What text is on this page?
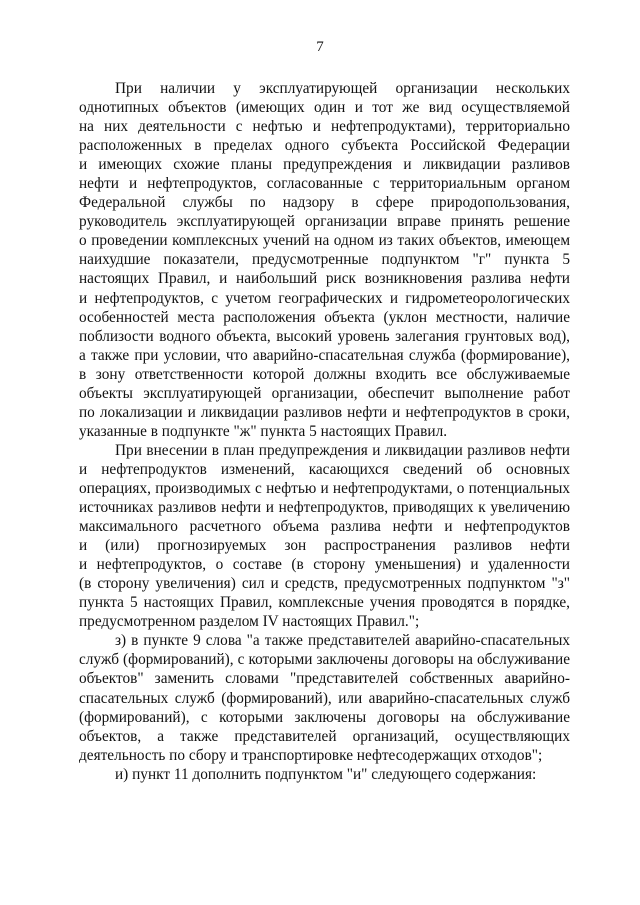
7
При наличии у эксплуатирующей организации нескольких
однотипных объектов (имеющих один и тот же вид осуществляемой
на них деятельности с нефтью и нефтепродуктами), территориально
расположенных в пределах одного субъекта Российской Федерации
и имеющих схожие планы предупреждения и ликвидации разливов
нефти и нефтепродуктов, согласованные с территориальным органом
Федеральной службы по надзору в сфере природопользования,
руководитель эксплуатирующей организации вправе принять решение
о проведении комплексных учений на одном из таких объектов, имеющем
наихудшие показатели, предусмотренные подпунктом "г" пункта 5
настоящих Правил, и наибольший риск возникновения разлива нефти
и нефтепродуктов, с учетом географических и гидрометеорологических
особенностей места расположения объекта (уклон местности, наличие
поблизости водного объекта, высокий уровень залегания грунтовых вод),
а также при условии, что аварийно-спасательная служба (формирование),
в зону ответственности которой должны входить все обслуживаемые
объекты эксплуатирующей организации, обеспечит выполнение работ
по локализации и ликвидации разливов нефти и нефтепродуктов в сроки,
указанные в подпункте "ж" пункта 5 настоящих Правил.
При внесении в план предупреждения и ликвидации разливов нефти
и нефтепродуктов изменений, касающихся сведений об основных
операциях, производимых с нефтью и нефтепродуктами, о потенциальных
источниках разливов нефти и нефтепродуктов, приводящих к увеличению
максимального расчетного объема разлива нефти и нефтепродуктов
и (или) прогнозируемых зон распространения разливов нефти
и нефтепродуктов, о составе (в сторону уменьшения) и удаленности
(в сторону увеличения) сил и средств, предусмотренных подпунктом "з"
пункта 5 настоящих Правил, комплексные учения проводятся в порядке,
предусмотренном разделом IV настоящих Правил.";
з) в пункте 9 слова "а также представителей аварийно-спасательных
служб (формирований), с которыми заключены договоры на обслуживание
объектов" заменить словами "представителей собственных аварийно-
спасательных служб (формирований), или аварийно-спасательных служб
(формирований), с которыми заключены договоры на обслуживание
объектов, а также представителей организаций, осуществляющих
деятельность по сбору и транспортировке нефтесодержащих отходов";
и) пункт 11 дополнить подпунктом "и" следующего содержания:
